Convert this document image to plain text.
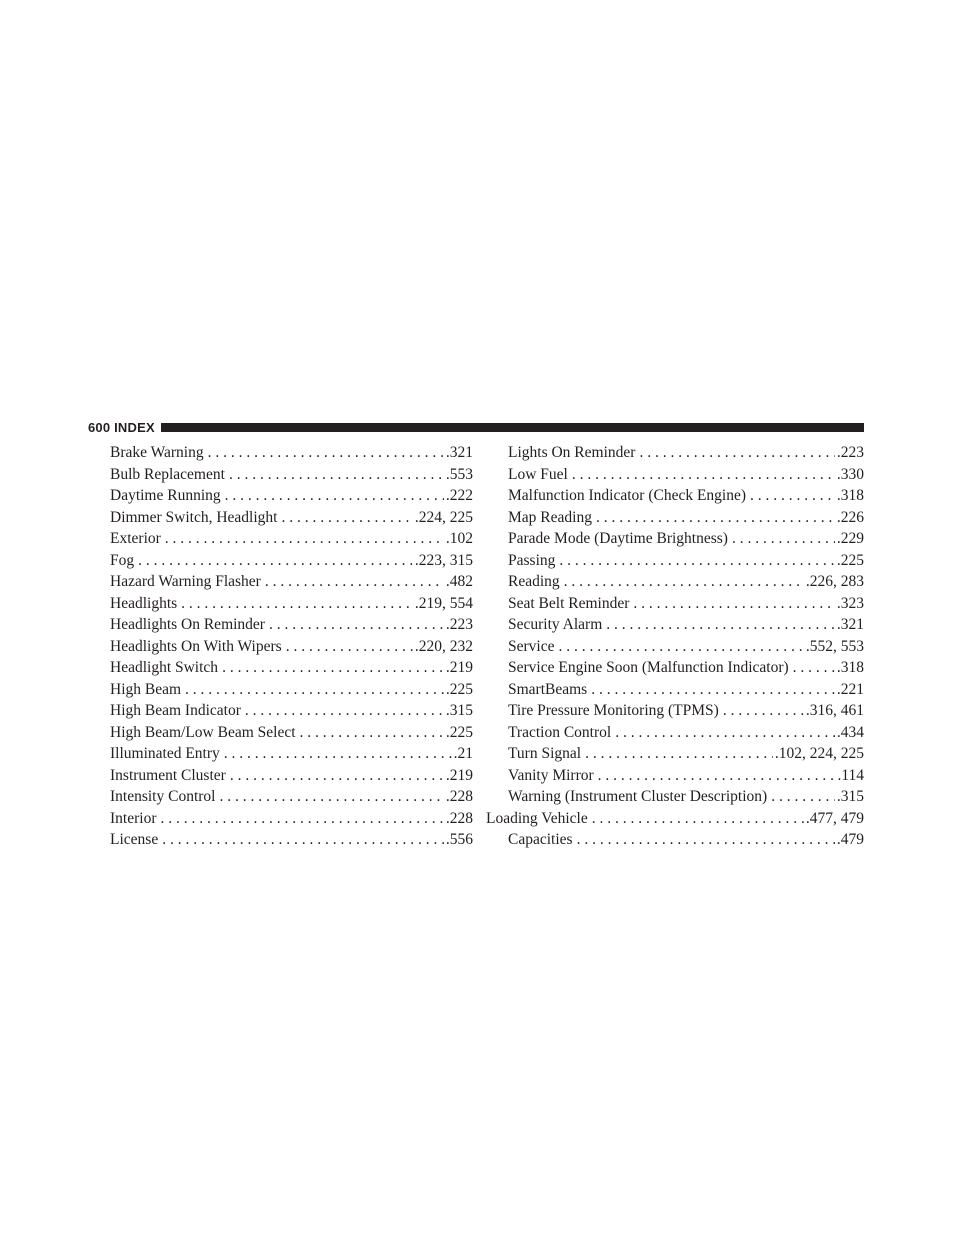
600 INDEX
Brake Warning . . .	.321
Bulb Replacement . . .	.553
Daytime Running . . .	.222
Dimmer Switch, Headlight . . .	.224, 225
Exterior . . .	.102
Fog . . .	.223, 315
Hazard Warning Flasher . . .	.482
Headlights . . .	.219, 554
Headlights On Reminder . . .	.223
Headlights On With Wipers . . .	.220, 232
Headlight Switch . . .	.219
High Beam . . .	.225
High Beam Indicator . . .	.315
High Beam/Low Beam Select . . .	.225
Illuminated Entry . . .	.21
Instrument Cluster . . .	.219
Intensity Control . . .	.228
Interior . . .	.228
License . . .	.556
Lights On Reminder . . .	.223
Low Fuel . . .	.330
Malfunction Indicator (Check Engine) . . .	.318
Map Reading . . .	.226
Parade Mode (Daytime Brightness) . . .	.229
Passing . . .	.225
Reading . . .	.226, 283
Seat Belt Reminder . . .	.323
Security Alarm . . .	.321
Service . . .	.552, 553
Service Engine Soon (Malfunction Indicator) . . .	.318
SmartBeams . . .	.221
Tire Pressure Monitoring (TPMS) . . .	.316, 461
Traction Control . . .	.434
Turn Signal . . .	.102, 224, 225
Vanity Mirror . . .	.114
Warning (Instrument Cluster Description) . . .	.315
Loading Vehicle . . .	.477, 479
Capacities . . .	.479
